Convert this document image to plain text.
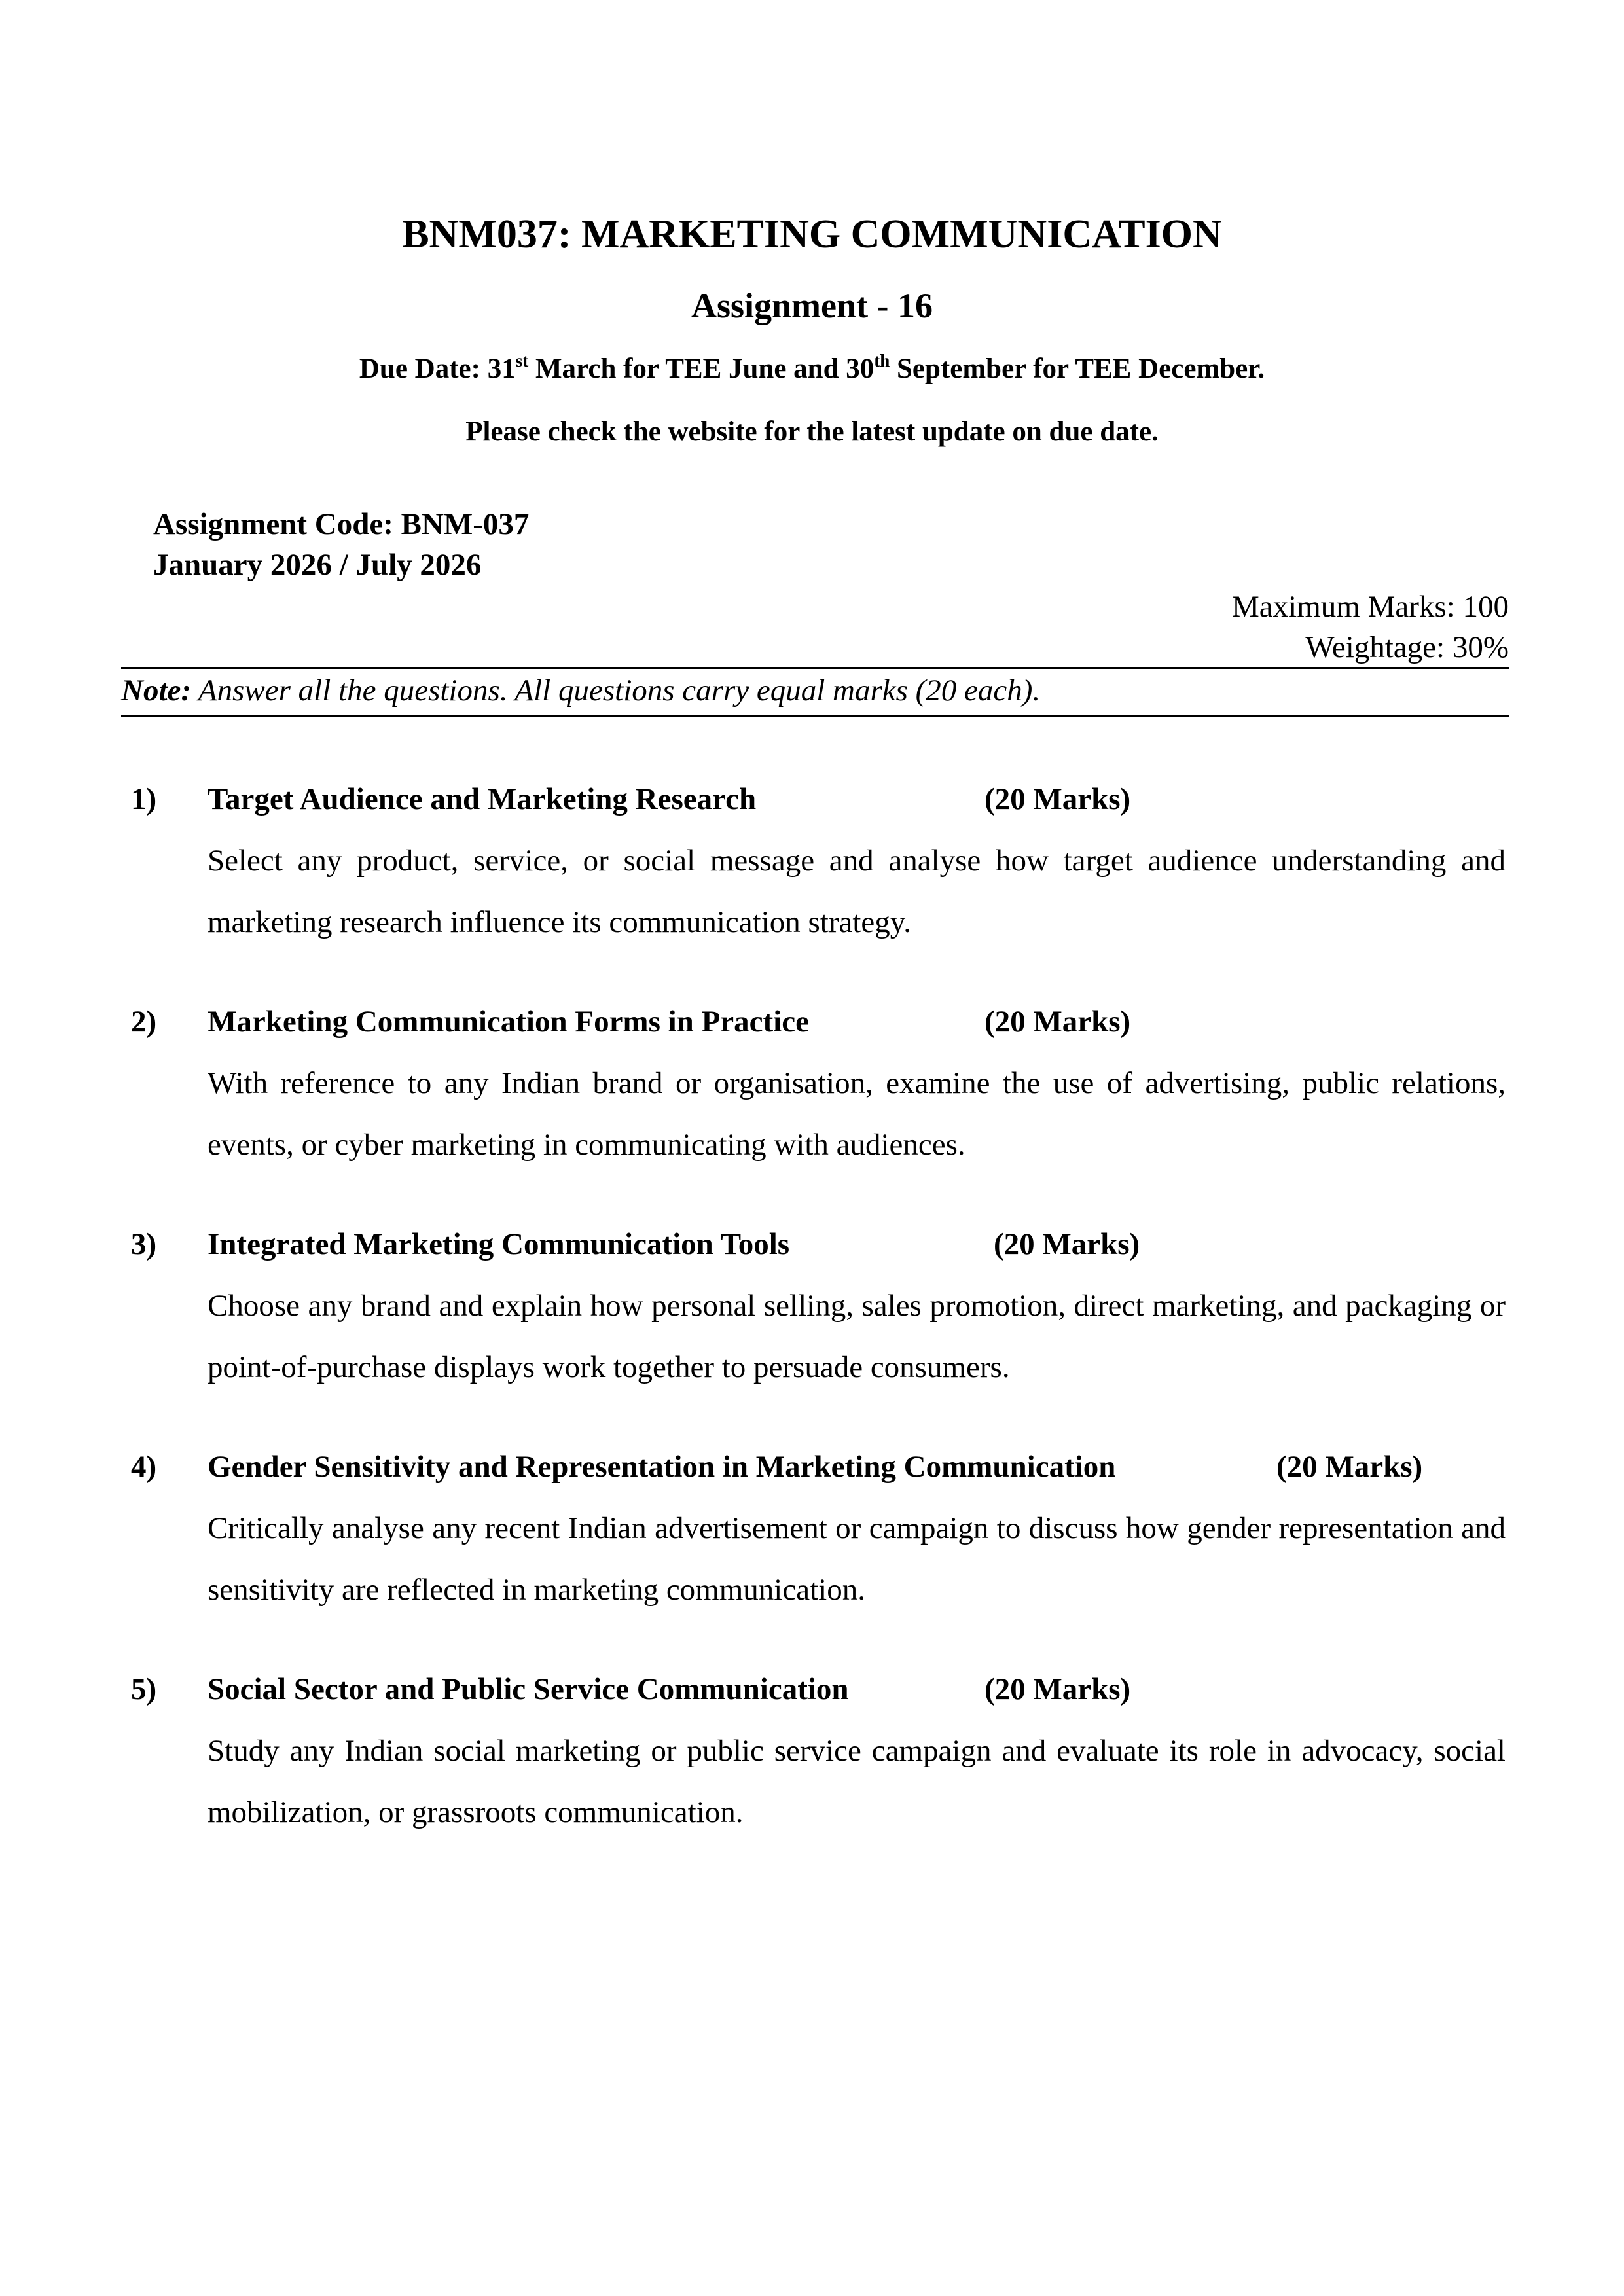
BNM037: MARKETING COMMUNICATION
Assignment - 16
Due Date: 31st March for TEE June and 30th September for TEE December.
Please check the website for the latest update on due date.
Assignment Code: BNM-037
January 2026 / July 2026
Maximum Marks: 100
Weightage: 30%
Note: Answer all the questions. All questions carry equal marks (20 each).
1) Target Audience and Marketing Research	(20 Marks)
Select any product, service, or social message and analyse how target audience understanding and marketing research influence its communication strategy.
2) Marketing Communication Forms in Practice	(20 Marks)
With reference to any Indian brand or organisation, examine the use of advertising, public relations, events, or cyber marketing in communicating with audiences.
3) Integrated Marketing Communication Tools	(20 Marks)
Choose any brand and explain how personal selling, sales promotion, direct marketing, and packaging or point-of-purchase displays work together to persuade consumers.
4) Gender Sensitivity and Representation in Marketing Communication	(20 Marks)
Critically analyse any recent Indian advertisement or campaign to discuss how gender representation and sensitivity are reflected in marketing communication.
5) Social Sector and Public Service Communication	(20 Marks)
Study any Indian social marketing or public service campaign and evaluate its role in advocacy, social mobilization, or grassroots communication.
